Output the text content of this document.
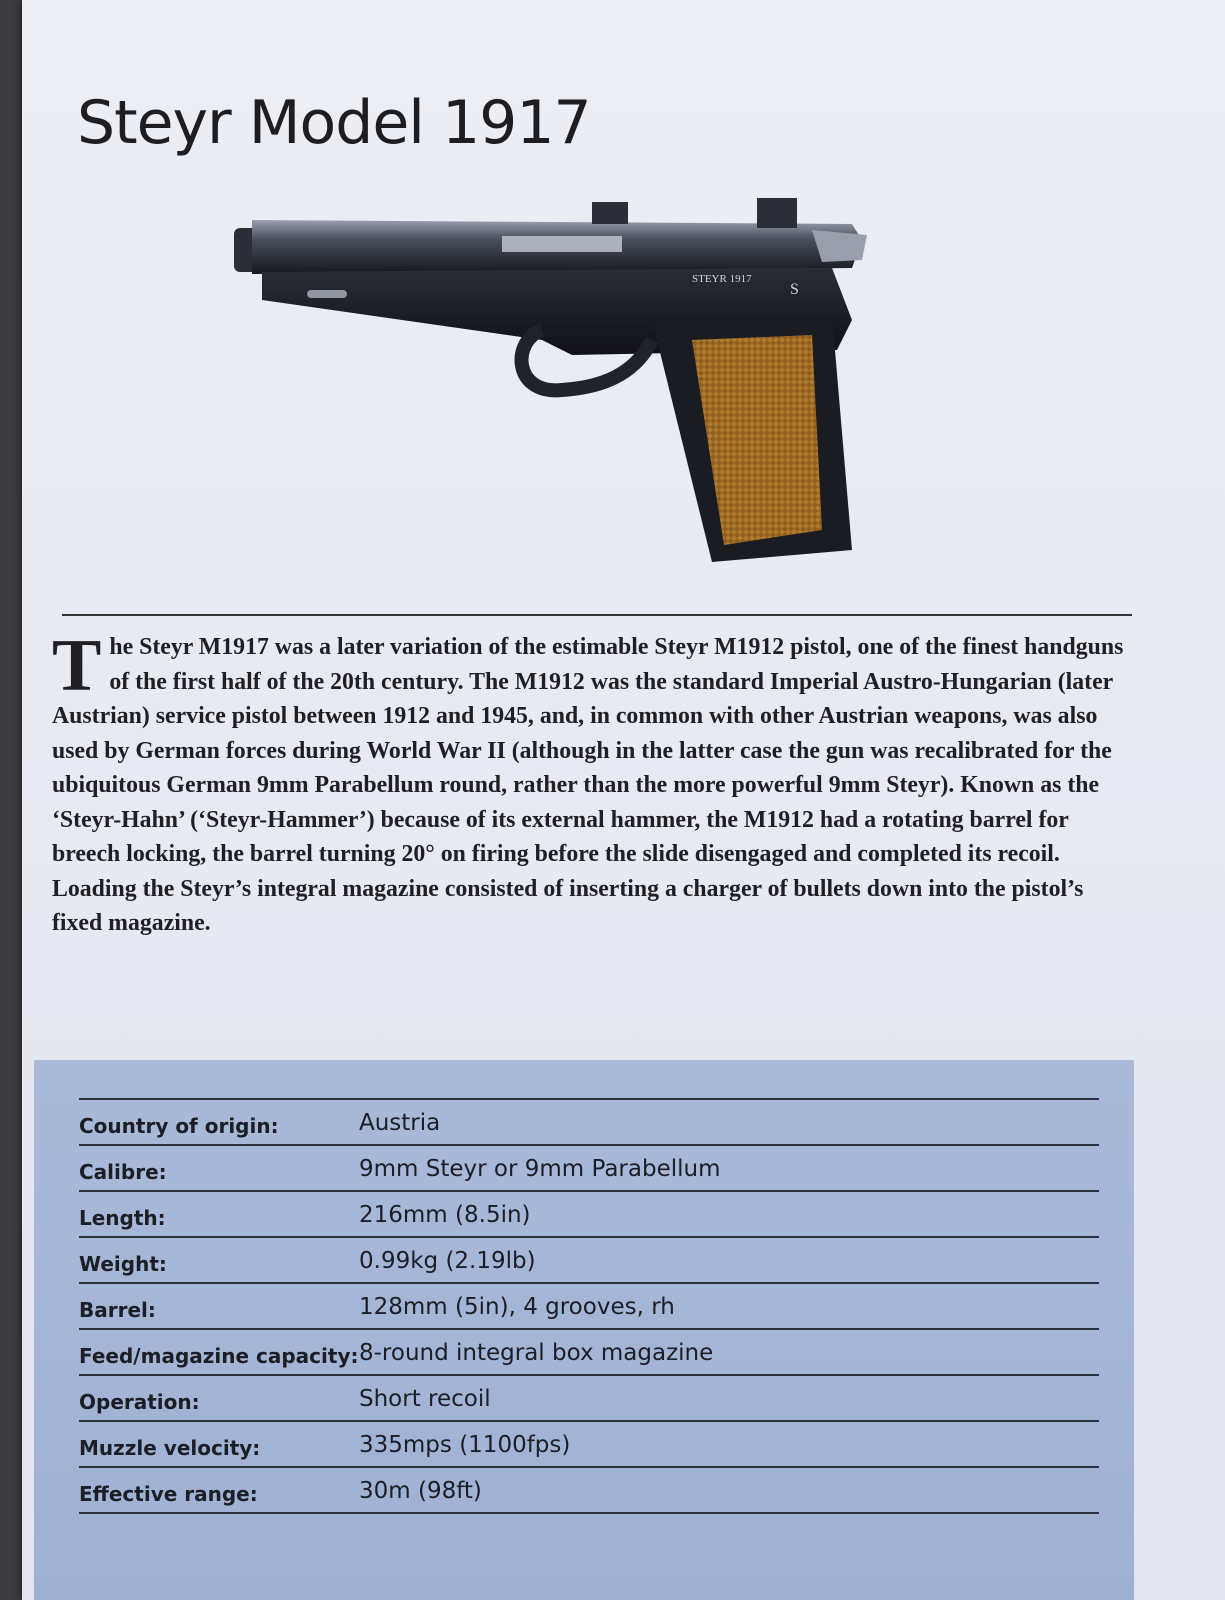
Steyr Model 1917
STEYR 1917
S
The Steyr M1917 was a later variation of the estimable Steyr M1912 pistol, one of the finest handguns of the first half of the 20th century. The M1912 was the standard Imperial Austro-Hungarian (later Austrian) service pistol between 1912 and 1945, and, in common with other Austrian weapons, was also used by German forces during World War II (although in the latter case the gun was recalibrated for the ubiquitous German 9mm Parabellum round, rather than the more powerful 9mm Steyr). Known as the ‘Steyr-Hahn’ (‘Steyr-Hammer’) because of its external hammer, the M1912 had a rotating barrel for breech locking, the barrel turning 20° on firing before the slide disengaged and completed its recoil. Loading the Steyr’s integral magazine consisted of inserting a charger of bullets down into the pistol’s fixed magazine.
Country of origin:	Austria
Calibre:	9mm Steyr or 9mm Parabellum
Length:	216mm (8.5in)
Weight:	0.99kg (2.19lb)
Barrel:	128mm (5in), 4 grooves, rh
Feed/magazine capacity: 8-round integral box magazine
Operation:	Short recoil
Muzzle velocity:	335mps (1100fps)
Effective range:	30m (98ft)
